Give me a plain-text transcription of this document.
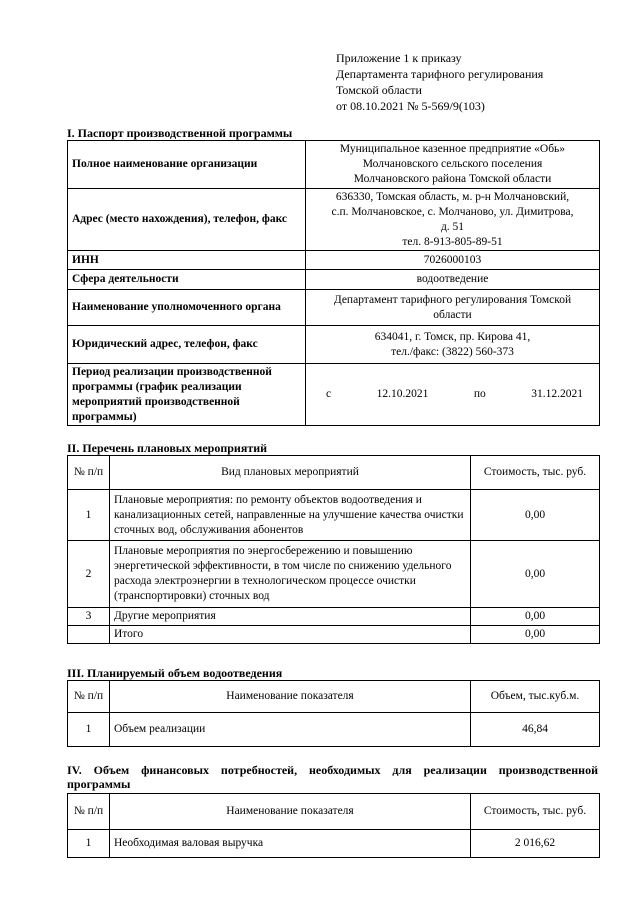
Приложение 1 к приказу
Департамента тарифного регулирования
Томской области
от 08.10.2021 № 5-569/9(103)
I. Паспорт производственной программы
Полное наименование организации	Муниципальное казенное предприятие «Обь»
Молчановского сельского поселения
Молчановского района Томской области

Адрес (место нахождения), телефон, факс	636330, Томская область, м. р-н Молчановский,
с.п. Молчановское, с. Молчаново, ул. Димитрова,
д. 51
тел. 8-913-805-89-51

ИНН	7026000103
Сфера деятельности	водоотведение
Наименование уполномоченного органа	Департамент тарифного регулирования Томской
области

Юридический адрес, телефон, факс	634041, г. Томск, пр. Кирова 41,
тел./факс: (3822) 560-373

Период реализации производственной программы (график реализации мероприятий производственной программы)	с 12.10.2021 по 31.12.2021
II. Перечень плановых мероприятий
№ п/п	Вид плановых мероприятий	Стоимость, тыс. руб.
1	Плановые мероприятия: по ремонту объектов водоотведения и канализационных сетей, направленные на улучшение качества очистки сточных вод, обслуживания абонентов	0,00
2	Плановые мероприятия по энергосбережению и повышению энергетической эффективности, в том числе по снижению удельного расхода электроэнергии в технологическом процессе очистки (транспортировки) сточных вод	0,00
3	Другие мероприятия	0,00
	Итого	0,00
III. Планируемый объем водоотведения
№ п/п	Наименование показателя	Объем, тыс.куб.м.
1	Объем реализации	46,84
IV. Объем финансовых потребностей, необходимых для реализации производственной
программы
№ п/п	Наименование показателя	Стоимость, тыс. руб.
1	Необходимая валовая выручка	2 016,62
